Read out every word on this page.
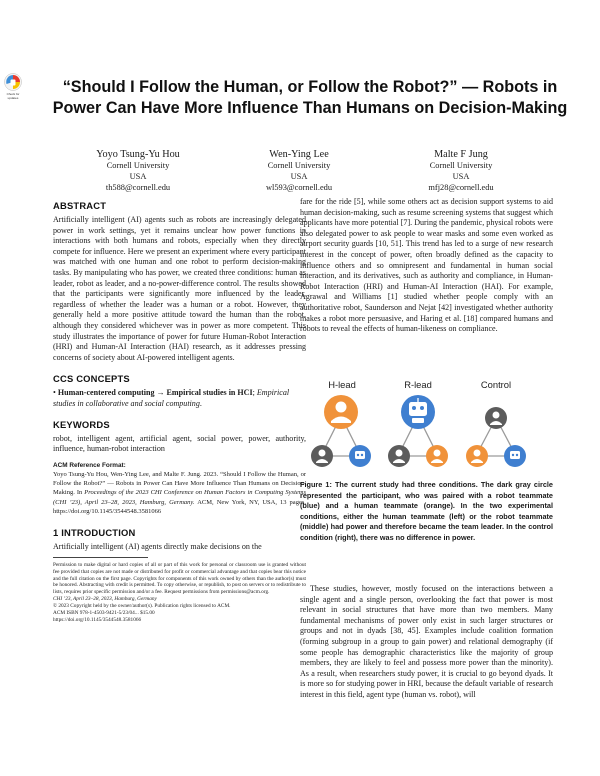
Check for
updates
“Should I Follow the Human, or Follow the Robot?” — Robots in Power Can Have More Influence Than Humans on Decision-Making
Yoyo Tsung-Yu Hou
Cornell University
USA
th588@cornell.edu
Wen-Ying Lee
Cornell University
USA
wl593@cornell.edu
Malte F Jung
Cornell University
USA
mfj28@cornell.edu
ABSTRACT

Artificially intelligent (AI) agents such as robots are increasingly delegated power in work settings, yet it remains unclear how power functions in interactions with both humans and robots, especially when they directly compete for influence. Here we present an experiment where every participant was matched with one human and one robot to perform decision-making tasks. By manipulating who has power, we created three conditions: human as leader, robot as leader, and a no-power-difference control. The results showed that the participants were significantly more influenced by the leader, regardless of whether the leader was a human or a robot. However, they generally held a more positive attitude toward the human than the robot, although they considered whichever was in power as more competent. This study illustrates the importance of power for future Human-Robot Interaction (HRI) and Human-AI Interaction (HAI) research, as it addresses pressing concerns of society about AI-powered intelligent agents.

CCS CONCEPTS

• Human-centered computing → Empirical studies in HCI; Empirical studies in collaborative and social computing.

KEYWORDS

robot, intelligent agent, artificial agent, social power, power, authority, influence, human-robot interaction

ACM Reference Format:

Yoyo Tsung-Yu Hou, Wen-Ying Lee, and Malte F. Jung. 2023. “Should I Follow the Human, or Follow the Robot?” — Robots in Power Can Have More Influence Than Humans on Decision-Making. In Proceedings of the 2023 CHI Conference on Human Factors in Computing Systems (CHI ’23), April 23–28, 2023, Hamburg, Germany. ACM, New York, NY, USA, 13 pages. https://doi.org/10.1145/3544548.3581066

1 INTRODUCTION

Artificially intelligent (AI) agents directly make decisions on the

Permission to make digital or hard copies of all or part of this work for personal or classroom use is granted without fee provided that copies are not made or distributed for profit or commercial advantage and that copies bear this notice and the full citation on the first page. Copyrights for components of this work owned by others than the author(s) must be honored. Abstracting with credit is permitted. To copy otherwise, or republish, to post on servers or to redistribute to lists, requires prior specific permission and/or a fee. Request permissions from permissions@acm.org.

CHI ’23, April 23–28, 2023, Hamburg, Germany

© 2023 Copyright held by the owner/author(s). Publication rights licensed to ACM.

ACM ISBN 978-1-4503-9421-5/23/04... $15.00

https://doi.org/10.1145/3544548.3581066

fare for the ride [5], while some others act as decision support systems to aid human decision-making, such as resume screening systems that suggest which applicants have more potential [7]. During the pandemic, physical robots were also delegated power to ask people to wear masks and some even worked as airport security guards [10, 51]. This trend has led to a surge of new research interest in the concept of power, often broadly defined as the capacity to influence others and so omnipresent and fundamental in human social interaction, and its derivatives, such as authority and compliance, in Human-Robot Interaction (HRI) and Human-AI Interaction (HAI). For example, Agrawal and Williams [1] studied whether people comply with an authoritative robot, Saunderson and Nejat [42] investigated whether authority makes a robot more persuasive, and Haring et al. [18] compared humans and robots to reveal the effects of human-likeness on compliance.

H-lead	R-lead	Control

Figure 1: The current study had three conditions. The dark gray circle represented the participant, who was paired with a robot teammate (blue) and a human teammate (orange). In the two experimental conditions, either the human teammate (left) or the robot teammate (middle) had power and therefore became the team leader. In the control condition (right), there was no difference in power.

These studies, however, mostly focused on the interactions between a single agent and a single person, overlooking the fact that power is most relevant in social structures that have more than two members. Many fundamental mechanisms of power only exist in such larger structures or groups and not in dyads [38, 45]. Examples include coalition formation (forming subgroup in a group to gain power) and relational demography (if some people has demographic characteristics like the majority of group members, they are likely to feel and possess more power than the minority). As a result, when researchers study power, it is crucial to go beyond dyads. It is more so for studying power in HRI, because the default variable of research interest in this field, agent type (human vs. robot), will
